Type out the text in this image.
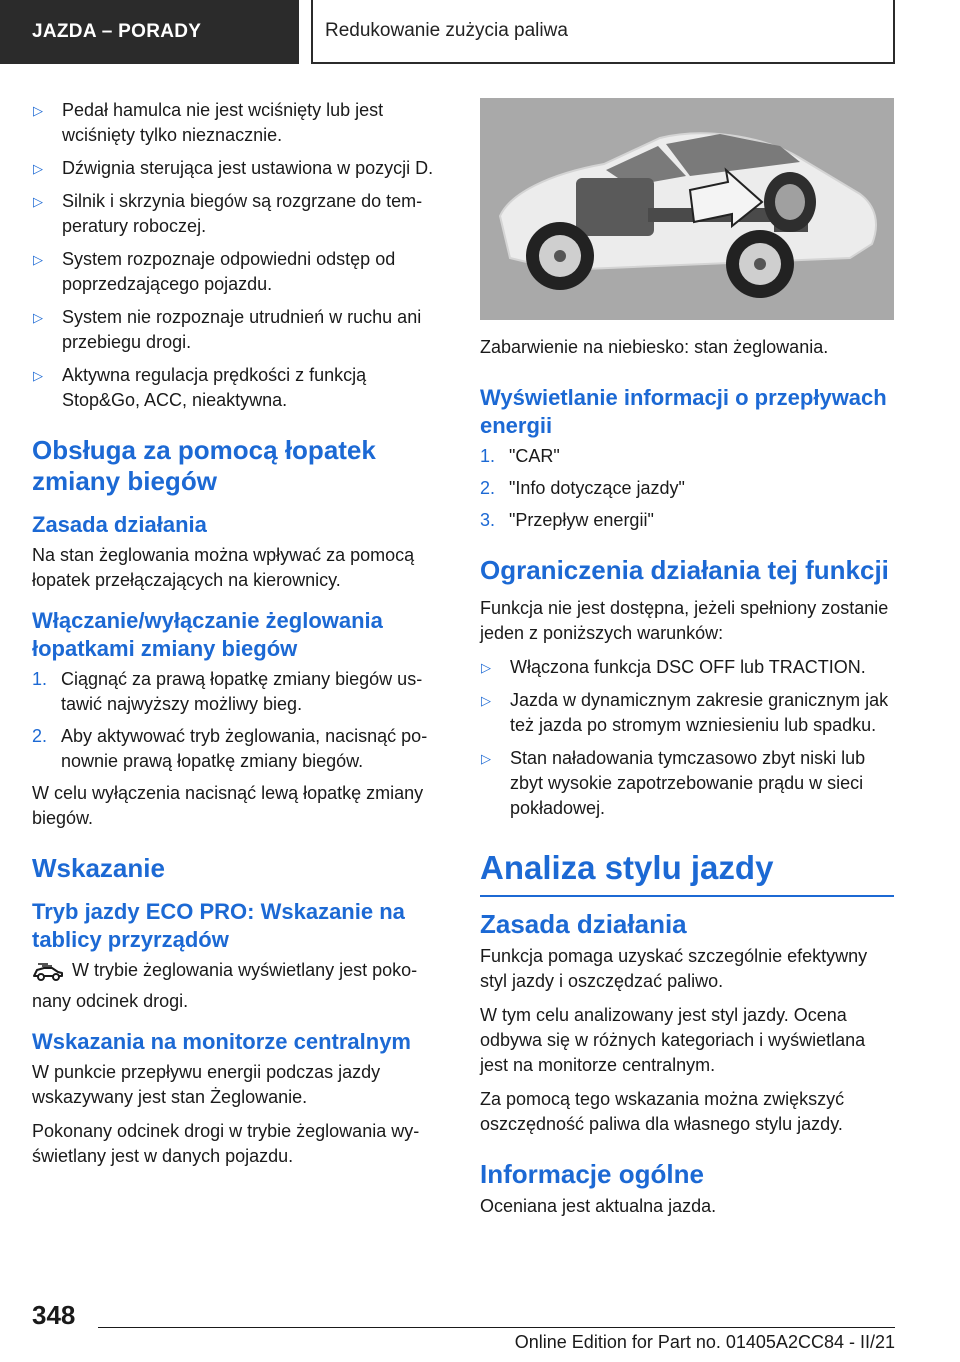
JAZDA – PORADY	Redukowanie zużycia paliwa
▷	Pedał hamulca nie jest wciśnięty lub jest wciśnięty tylko nieznacznie.
▷	Dźwignia sterująca jest ustawiona w pozycji D.
▷	Silnik i skrzynia biegów są rozgrzane do temperatury roboczej.
▷	System rozpoznaje odpowiedni odstęp od poprzedzającego pojazdu.
▷	System nie rozpoznaje utrudnień w ruchu ani przebiegu drogi.
▷	Aktywna regulacja prędkości z funkcją Stop&Go, ACC, nieaktywna.
Obsługa za pomocą łopatek zmiany biegów
Zasada działania

Na stan żeglowania można wpływać za pomocą łopatek przełączających na kierownicy.

Włączanie/wyłączanie żeglowania łopatkami zmiany biegów
1. Ciągnąć za prawą łopatkę zmiany biegów ustawić najwyższy możliwy bieg.
2. Aby aktywować tryb żeglowania, nacisnąć ponownie prawą łopatkę zmiany biegów.

W celu wyłączenia nacisnąć lewą łopatkę zmiany biegów.

Wskazanie
Tryb jazdy ECO PRO: Wskazanie na tablicy przyrządów

W trybie żeglowania wyświetlany jest pokonany odcinek drogi.

Wskazania na monitorze centralnym

W punkcie przepływu energii podczas jazdy wskazywany jest stan Żeglowanie.

Pokonany odcinek drogi w trybie żeglowania wyświetlany jest w danych pojazdu.

Zabarwienie na niebiesko: stan żeglowania.

Wyświetlanie informacji o przepływach energii
1. "CAR"
2. "Info dotyczące jazdy"
3. "Przepływ energii"
Ograniczenia działania tej funkcji

Funkcja nie jest dostępna, jeżeli spełniony zostanie jeden z poniższych warunków:

▷	Włączona funkcja DSC OFF lub TRACTION.
▷	Jazda w dynamicznym zakresie granicznym jak też jazda po stromym wzniesieniu lub spadku.
▷	Stan naładowania tymczasowo zbyt niski lub zbyt wysokie zapotrzebowanie prądu w sieci pokładowej.
Analiza stylu jazdy
Zasada działania

Funkcja pomaga uzyskać szczególnie efektywny styl jazdy i oszczędzać paliwo.

W tym celu analizowany jest styl jazdy. Ocena odbywa się w różnych kategoriach i wyświetlana jest na monitorze centralnym.

Za pomocą tego wskazania można zwiększyć oszczędność paliwa dla własnego stylu jazdy.

Informacje ogólne

Oceniana jest aktualna jazda.

348
Online Edition for Part no. 01405A2CC84 - II/21
